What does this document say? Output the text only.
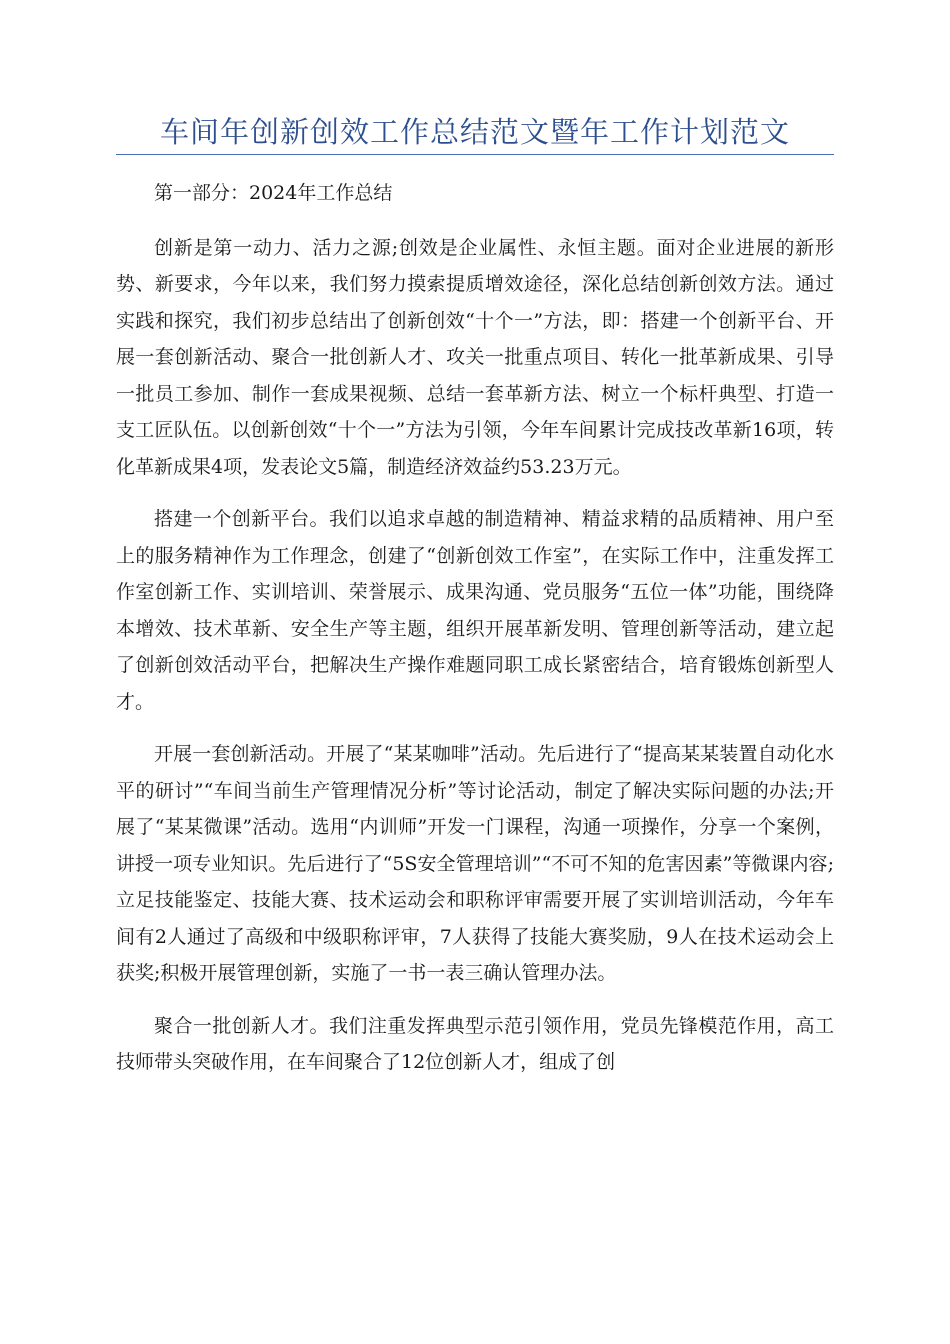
车间年创新创效工作总结范文暨年工作计划范文

第一部分：2024年工作总结

创新是第一动力、活力之源;创效是企业属性、永恒主题。面对企业进展的新形势、新要求，今年以来，我们努力摸索提质增效途径，深化总结创新创效方法。通过实践和探究，我们初步总结出了创新创效“十个一”方法，即：搭建一个创新平台、开展一套创新活动、聚合一批创新人才、攻关一批重点项目、转化一批革新成果、引导一批员工参加、制作一套成果视频、总结一套革新方法、树立一个标杆典型、打造一支工匠队伍。以创新创效“十个一”方法为引领，今年车间累计完成技改革新16项，转化革新成果4项，发表论文5篇，制造经济效益约53.23万元。

搭建一个创新平台。我们以追求卓越的制造精神、精益求精的品质精神、用户至上的服务精神作为工作理念，创建了“创新创效工作室”，在实际工作中，注重发挥工作室创新工作、实训培训、荣誉展示、成果沟通、党员服务“五位一体”功能，围绕降本增效、技术革新、安全生产等主题，组织开展革新发明、管理创新等活动，建立起了创新创效活动平台，把解决生产操作难题同职工成长紧密结合，培育锻炼创新型人才。

开展一套创新活动。开展了“某某咖啡”活动。先后进行了“提高某某装置自动化水平的研讨”“车间当前生产管理情况分析”等讨论活动，制定了解决实际问题的办法;开展了“某某微课”活动。选用“内训师”开发一门课程，沟通一项操作，分享一个案例，讲授一项专业知识。先后进行了“5S安全管理培训”“不可不知的危害因素”等微课内容;立足技能鉴定、技能大赛、技术运动会和职称评审需要开展了实训培训活动，今年车间有2人通过了高级和中级职称评审，7人获得了技能大赛奖励，9人在技术运动会上获奖;积极开展管理创新，实施了一书一表三确认管理办法。

聚合一批创新人才。我们注重发挥典型示范引领作用，党员先锋模范作用，高工技师带头突破作用，在车间聚合了12位创新人才，组成了创
